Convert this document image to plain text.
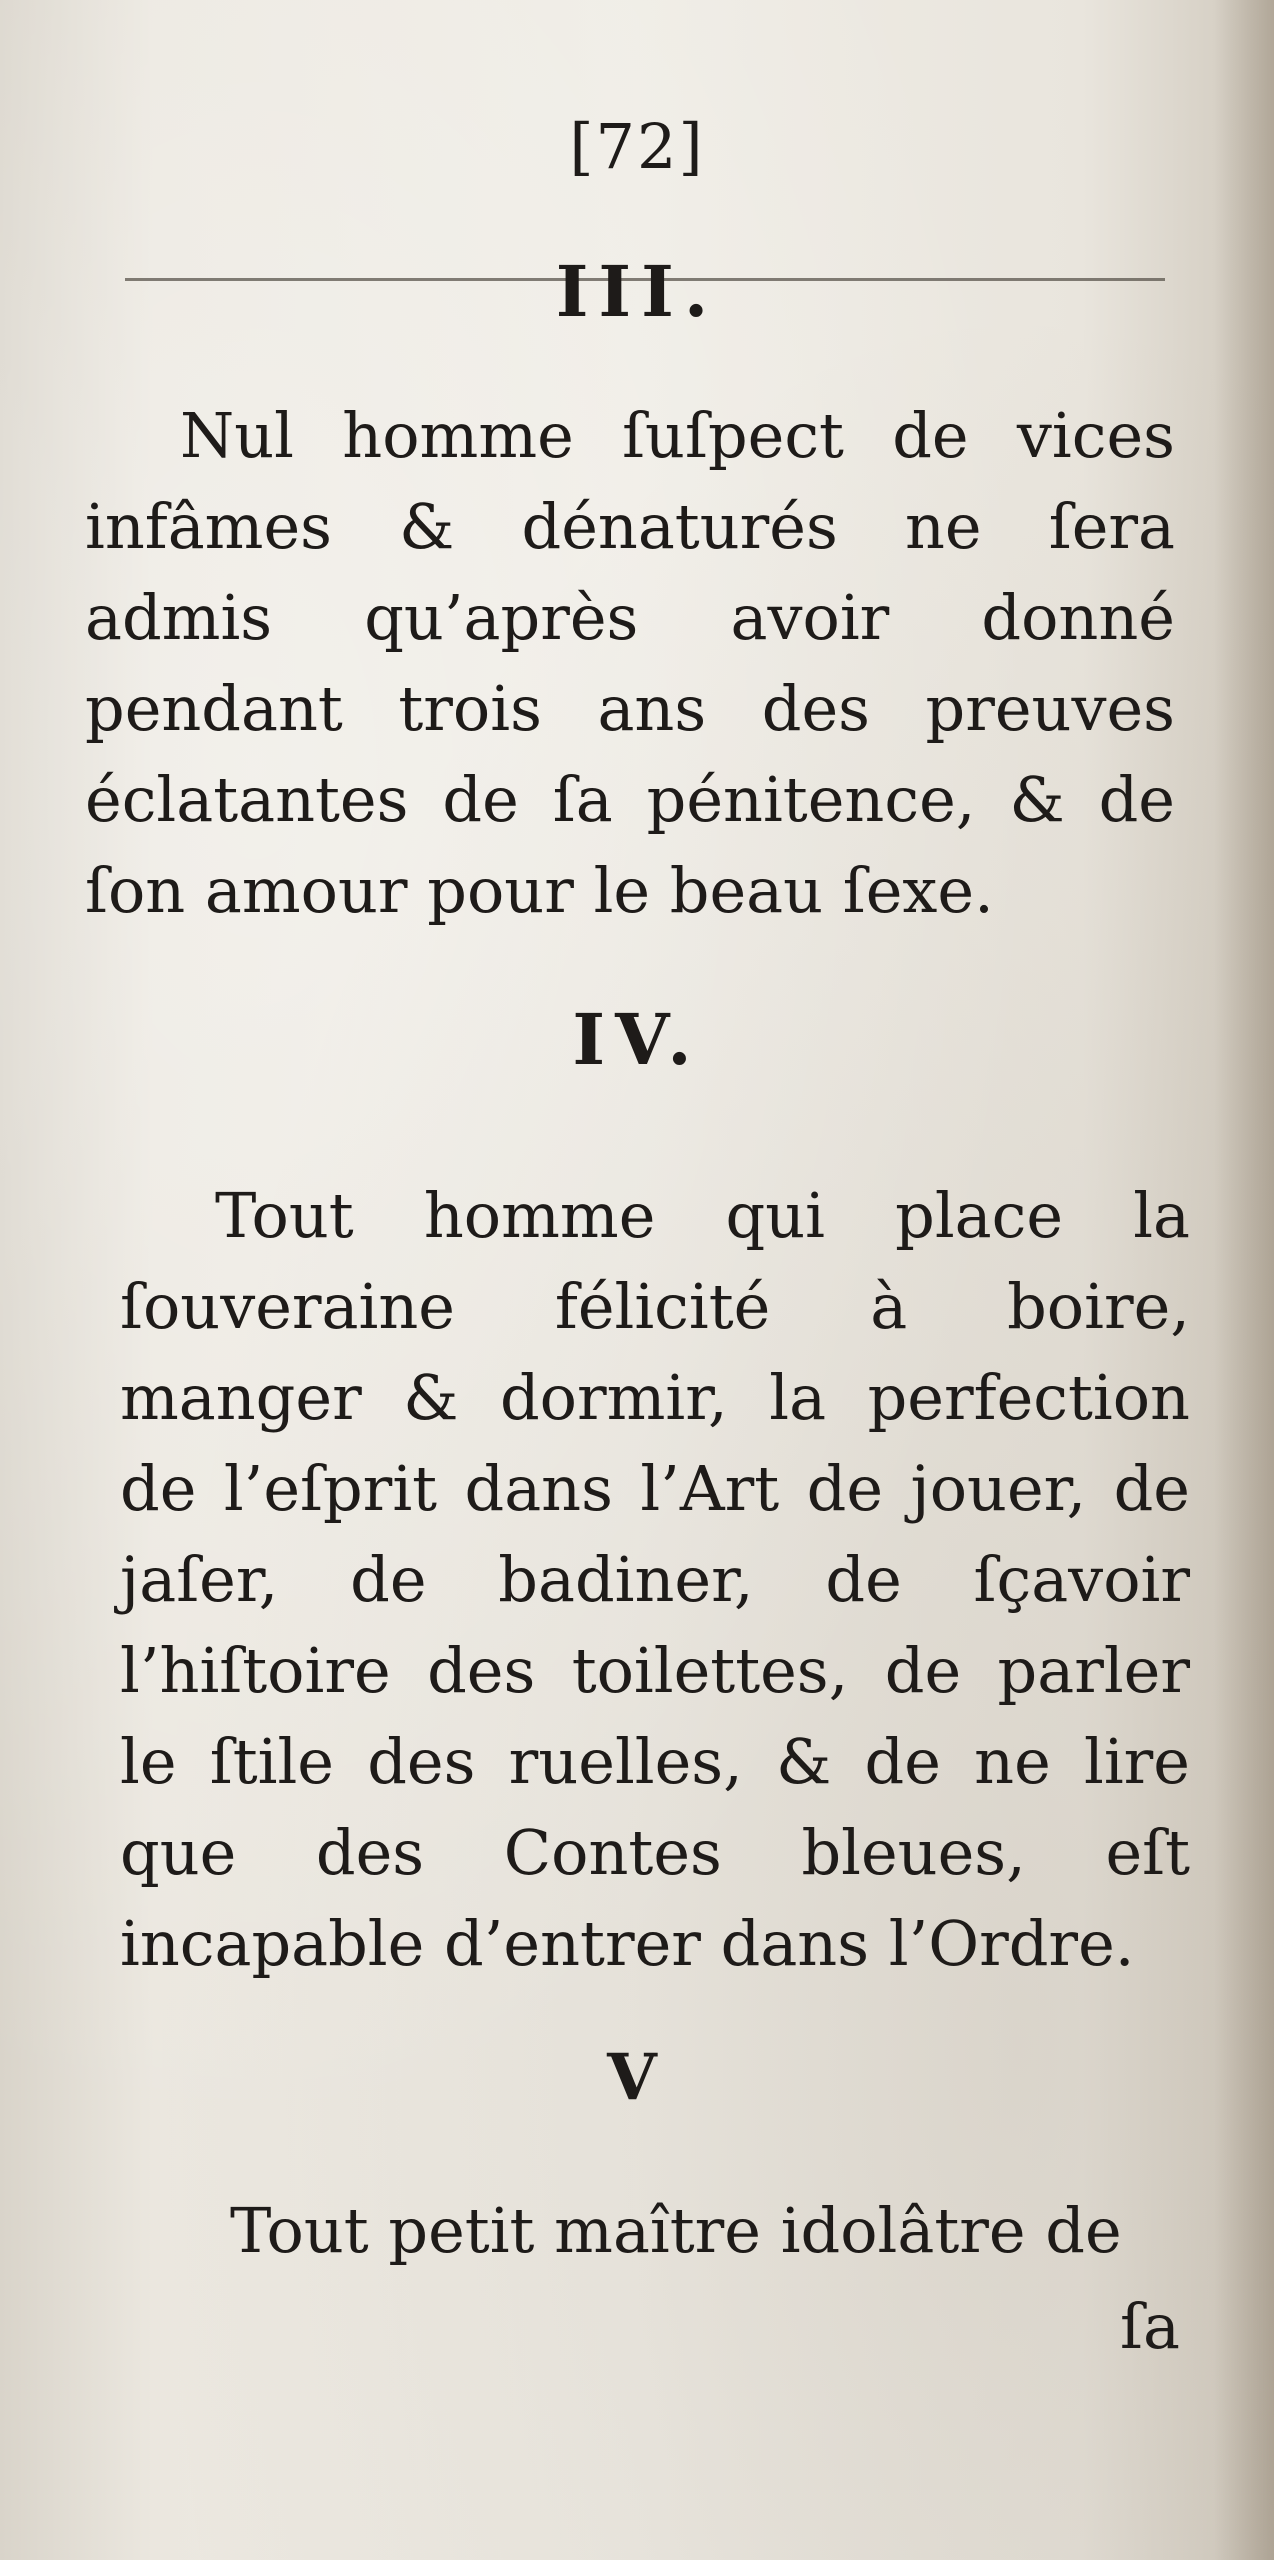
[72]
III.

Nul homme ſuſpect de vices infâmes & dénaturés ne ſera admis qu’après avoir donné pendant trois ans des preuves éclatantes de ſa pénitence, & de ſon amour pour le beau ſexe.

IV.

Tout homme qui place la ſouveraine félicité à boire, manger & dormir, la perfection de l’eſprit dans l’Art de jouer, de jaſer, de badiner, de ſçavoir l’hiſtoire des toilettes, de parler le ſtile des ruelles, & de ne lire que des Contes bleues, eſt incapable d’entrer dans l’Ordre.

V

Tout petit maître idolâtre de

ſa
